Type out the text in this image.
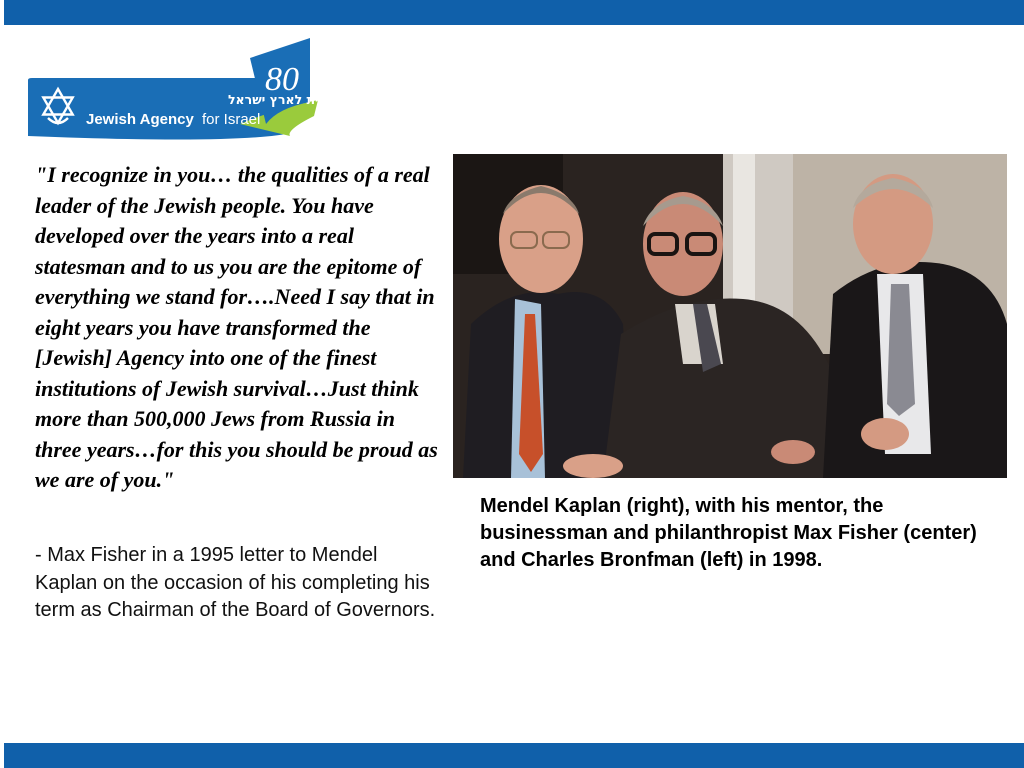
80
הסוכנות היהודית לארץ ישראל
Jewish Agency for Israel
"I recognize in you… the qualities of a real leader of the Jewish people. You have developed over the years into a real statesman and to us you are the epitome of everything we stand for….Need I say that in eight years you have transformed the [Jewish] Agency into one of the finest institutions of Jewish survival…Just think more than 500,000 Jews from Russia in three years…for this you should be proud as we are of you."
- Max Fisher in a 1995 letter to Mendel Kaplan on the occasion of his completing his term as Chairman of the Board of Governors.
Mendel Kaplan (right), with his mentor, the businessman and philanthropist Max Fisher (center) and Charles Bronfman (left) in 1998.
